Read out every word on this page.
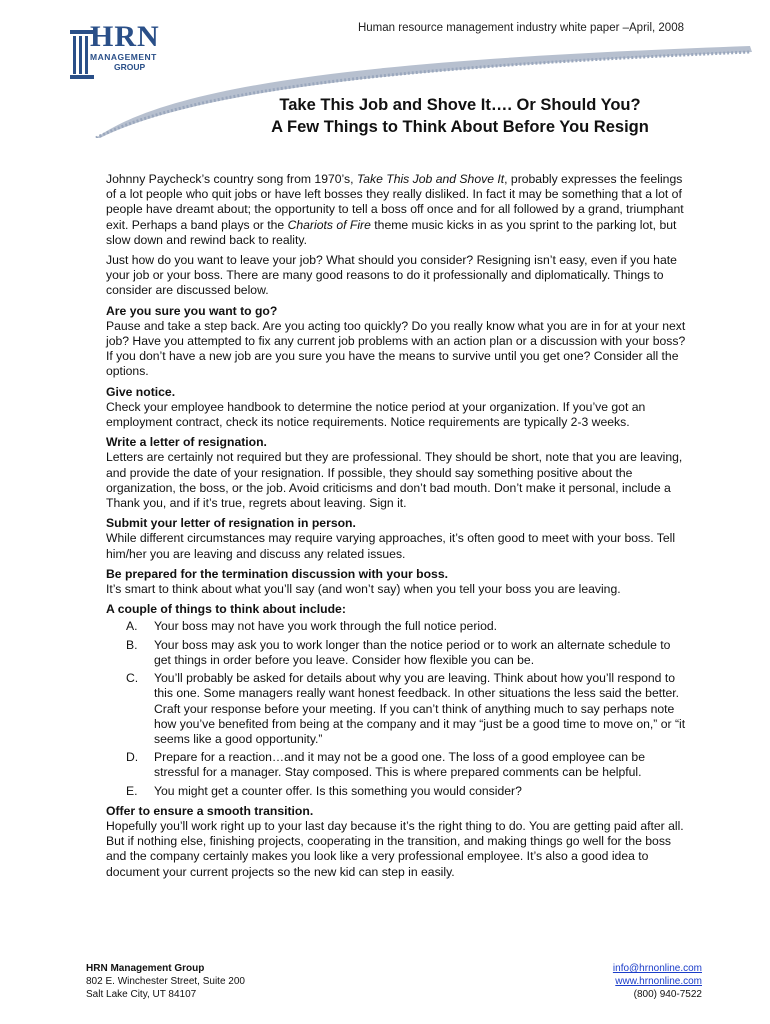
HRN
MANAGEMENT
GROUP
Human resource management industry white paper –April, 2008
Take This Job and Shove It…. Or Should You?
A Few Things to Think About Before You Resign

Johnny Paycheck’s country song from 1970’s, Take This Job and Shove It, probably expresses the feelings of a lot people who quit jobs or have left bosses they really disliked. In fact it may be something that a lot of people have dreamt about; the opportunity to tell a boss off once and for all followed by a grand, triumphant exit. Perhaps a band plays or the Chariots of Fire theme music kicks in as you sprint to the parking lot, but slow down and rewind back to reality.

Just how do you want to leave your job? What should you consider? Resigning isn’t easy, even if you hate your job or your boss. There are many good reasons to do it professionally and diplomatically. Things to consider are discussed below.

Are you sure you want to go?
Pause and take a step back. Are you acting too quickly? Do you really know what you are in for at your next job? Have you attempted to fix any current job problems with an action plan or a discussion with your boss? If you don’t have a new job are you sure you have the means to survive until you get one? Consider all the options.

Give notice.
Check your employee handbook to determine the notice period at your organization. If you’ve got an employment contract, check its notice requirements. Notice requirements are typically 2-3 weeks.

Write a letter of resignation.
Letters are certainly not required but they are professional. They should be short, note that you are leaving, and provide the date of your resignation. If possible, they should say something positive about the organization, the boss, or the job. Avoid criticisms and don’t bad mouth. Don’t make it personal, include a Thank you, and if it’s true, regrets about leaving. Sign it.

Submit your letter of resignation in person.
While different circumstances may require varying approaches, it’s often good to meet with your boss. Tell him/her you are leaving and discuss any related issues.

Be prepared for the termination discussion with your boss.
It’s smart to think about what you’ll say (and won’t say) when you tell your boss you are leaving.

A couple of things to think about include:

A. Your boss may not have you work through the full notice period.
B. Your boss may ask you to work longer than the notice period or to work an alternate schedule to get things in order before you leave. Consider how flexible you can be.
C. You’ll probably be asked for details about why you are leaving. Think about how you’ll respond to this one. Some managers really want honest feedback. In other situations the less said the better. Craft your response before your meeting. If you can’t think of anything much to say perhaps note how you’ve benefited from being at the company and it may “just be a good time to move on,” or “it seems like a good opportunity.”
D. Prepare for a reaction…and it may not be a good one. The loss of a good employee can be stressful for a manager. Stay composed. This is where prepared comments can be helpful.
E. You might get a counter offer. Is this something you would consider?

Offer to ensure a smooth transition.
Hopefully you’ll work right up to your last day because it’s the right thing to do. You are getting paid after all. But if nothing else, finishing projects, cooperating in the transition, and making things go well for the boss and the company certainly makes you look like a very professional employee. It’s also a good idea to document your current projects so the new kid can step in easily.

HRN Management Group
802 E. Winchester Street, Suite 200
Salt Lake City, UT 84107
info@hrnonline.com
www.hrnonline.com
(800) 940-7522
